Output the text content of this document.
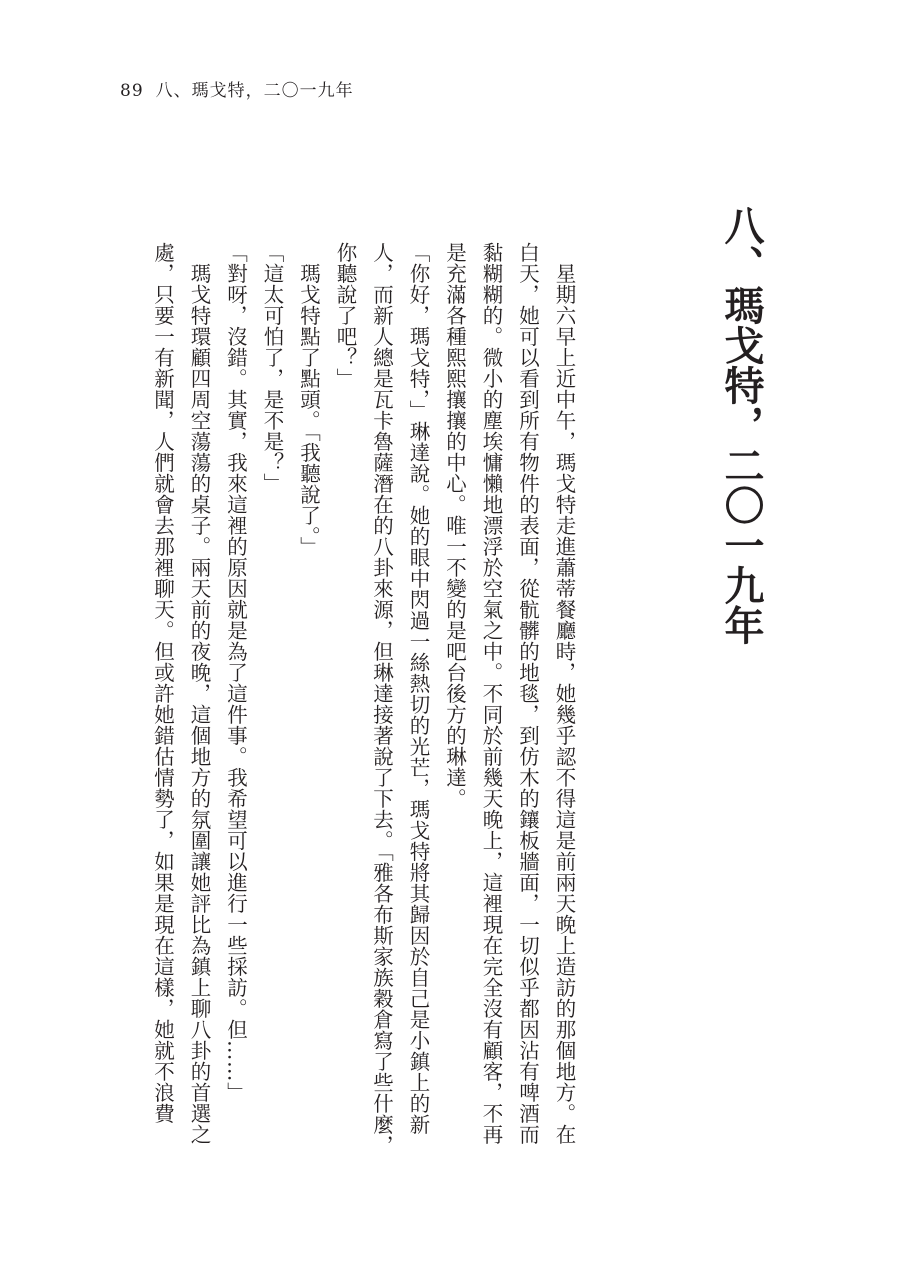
89 八、瑪戈特，二〇一九年
八、瑪戈特，二〇一九年

星期六早上近中午，瑪戈特走進蕭蒂餐廳時，她幾乎認不得這是前兩天晚上造訪的那個地方。在白天，她可以看到所有物件的表面，從骯髒的地毯，到仿木的鑲板牆面，一切似乎都因沾有啤酒而黏糊糊的。微小的塵埃慵懶地漂浮於空氣之中。不同於前幾天晚上，這裡現在完全沒有顧客，不再是充滿各種熙熙攘攘的中心。唯一不變的是吧台後方的琳達。

「你好，瑪戈特，」琳達說。她的眼中閃過一絲熱切的光芒，瑪戈特將其歸因於自己是小鎮上的新人，而新人總是瓦卡魯薩潛在的八卦來源，但琳達接著說了下去。「雅各布斯家族穀倉寫了些什麼，你聽說了吧？」

瑪戈特點了點頭。「我聽說了。」

「這太可怕了，是不是？」

「對呀，沒錯。其實，我來這裡的原因就是為了這件事。我希望可以進行一些採訪。但……」

瑪戈特環顧四周空蕩蕩的桌子。兩天前的夜晚，這個地方的氛圍讓她評比為鎮上聊八卦的首選之處，只要一有新聞，人們就會去那裡聊天。但或許她錯估情勢了，如果是現在這樣，她就不浪費
